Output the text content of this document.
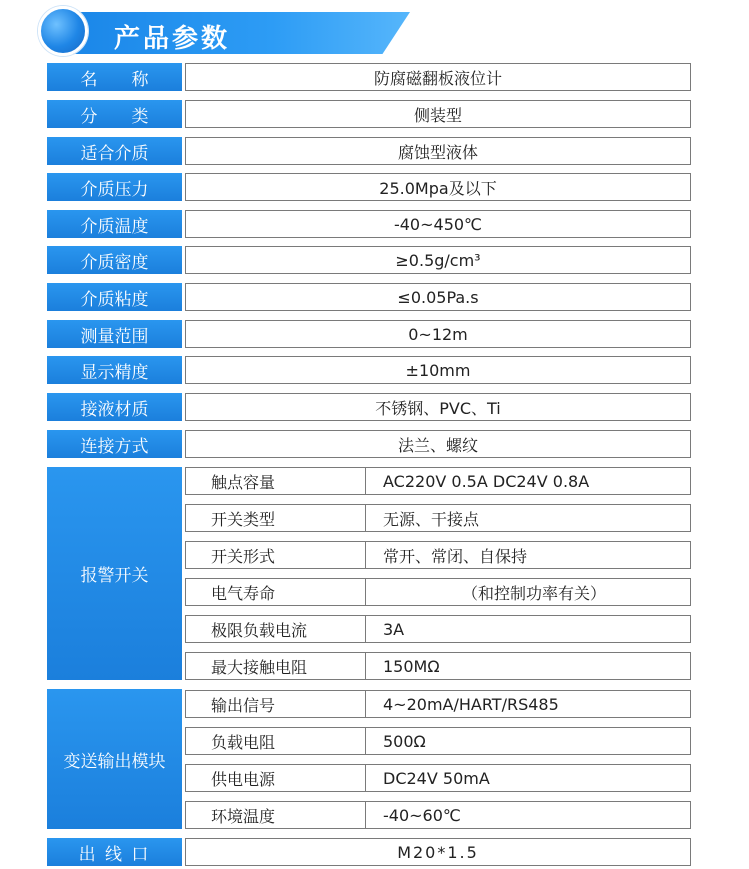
产品参数
名　　称	防腐磁翻板液位计
分　　类	侧装型
适合介质	腐蚀型液体
介质压力	25.0Mpa及以下
介质温度	-40~450℃
介质密度	≥0.5g/cm³
介质粘度	≤0.05Pa.s
测量范围	0~12m
显示精度	±10mm
接液材质	不锈钢、PVC、Ti
连接方式	法兰、螺纹
报警开关
触点容量	AC220V 0.5A DC24V 0.8A
开关类型	无源、干接点
开关形式	常开、常闭、自保持
电气寿命	（和控制功率有关）
极限负载电流	3A
最大接触电阻	150MΩ
变送输出模块
输出信号	4~20mA/HART/RS485
负载电阻	500Ω
供电电源	DC24V 50mA
环境温度	-40~60℃
出 线 口	M20*1.5
